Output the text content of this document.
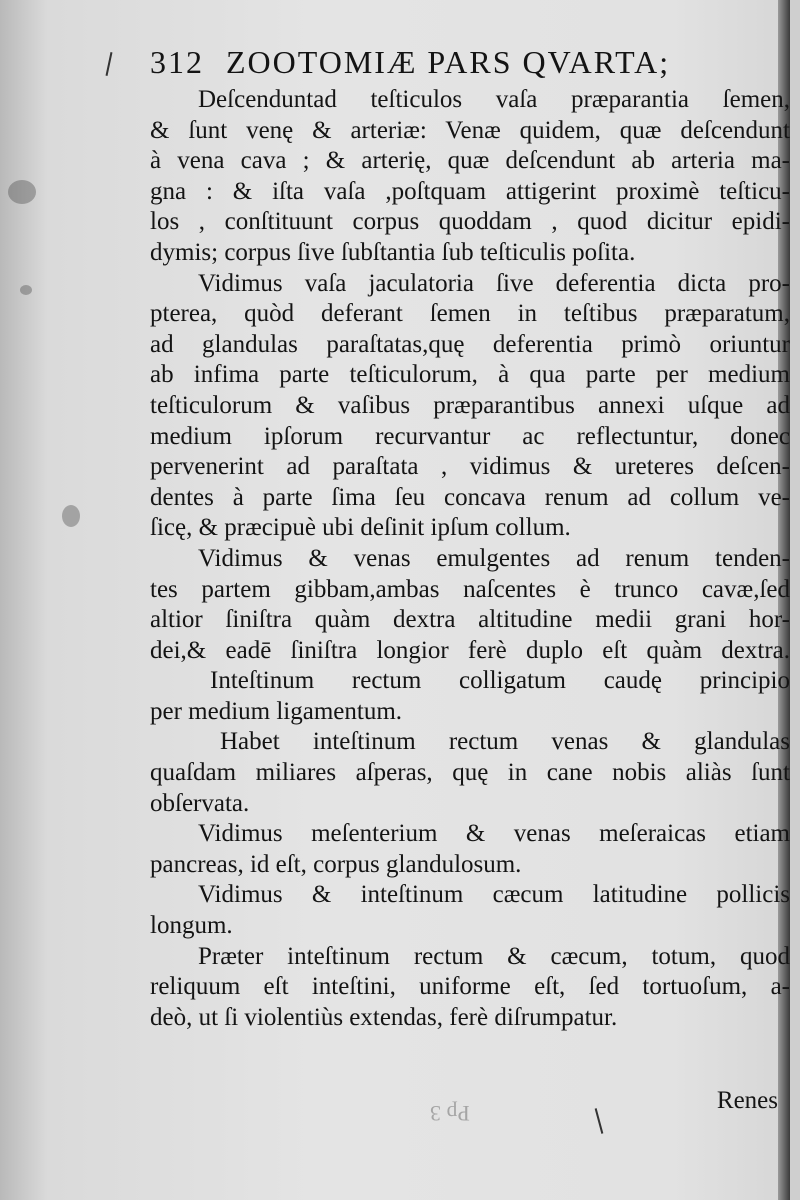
312 ZOOTOMIÆ PARS QVARTA;
Deſcenduntad teſticulos vaſa præparantia ſemen,
& ſunt venę & arteriæ: Venæ quidem, quæ deſcendunt
à vena cava ; & arterię, quæ deſcendunt ab arteria ma-
gna : & iſta vaſa ,poſtquam attigerint proximè teſticu-
los , conſtituunt corpus quoddam , quod dicitur epidi-
dymis; corpus ſive ſubſtantia ſub teſticulis poſita.
Vidimus vaſa jaculatoria ſive deferentia dicta pro-
pterea, quòd deferant ſemen in teſtibus præparatum,
ad glandulas paraſtatas,quę deferentia primò oriuntur
ab infima parte teſticulorum, à qua parte per medium
teſticulorum & vaſibus præparantibus annexi uſque ad
medium ipſorum recurvantur ac reflectuntur, donec
pervenerint ad paraſtata , vidimus & ureteres deſcen-
dentes à parte ſima ſeu concava renum ad collum ve-
ſicę, & præcipuè ubi deſinit ipſum collum.
Vidimus & venas emulgentes ad renum tenden-
tes partem gibbam,ambas naſcentes è trunco cavæ,ſed
altior ſiniſtra quàm dextra altitudine medii grani hor-
dei,& eadē ſiniſtra longior ferè duplo eſt quàm dextra.
Inteſtinum rectum colligatum caudę principio
per medium ligamentum.
Habet inteſtinum rectum venas & glandulas
quaſdam miliares aſperas, quę in cane nobis aliàs ſunt
obſervata.
Vidimus meſenterium & venas meſeraicas etiam
pancreas, id eſt, corpus glandulosum.
Vidimus & inteſtinum cæcum latitudine pollicis
longum.
Præter inteſtinum rectum & cæcum, totum, quod
reliquum eſt inteſtini, uniforme eſt, ſed tortuoſum, a-
deò, ut ſi violentiùs extendas, ferè diſrumpatur.
Pp 3	Renes
